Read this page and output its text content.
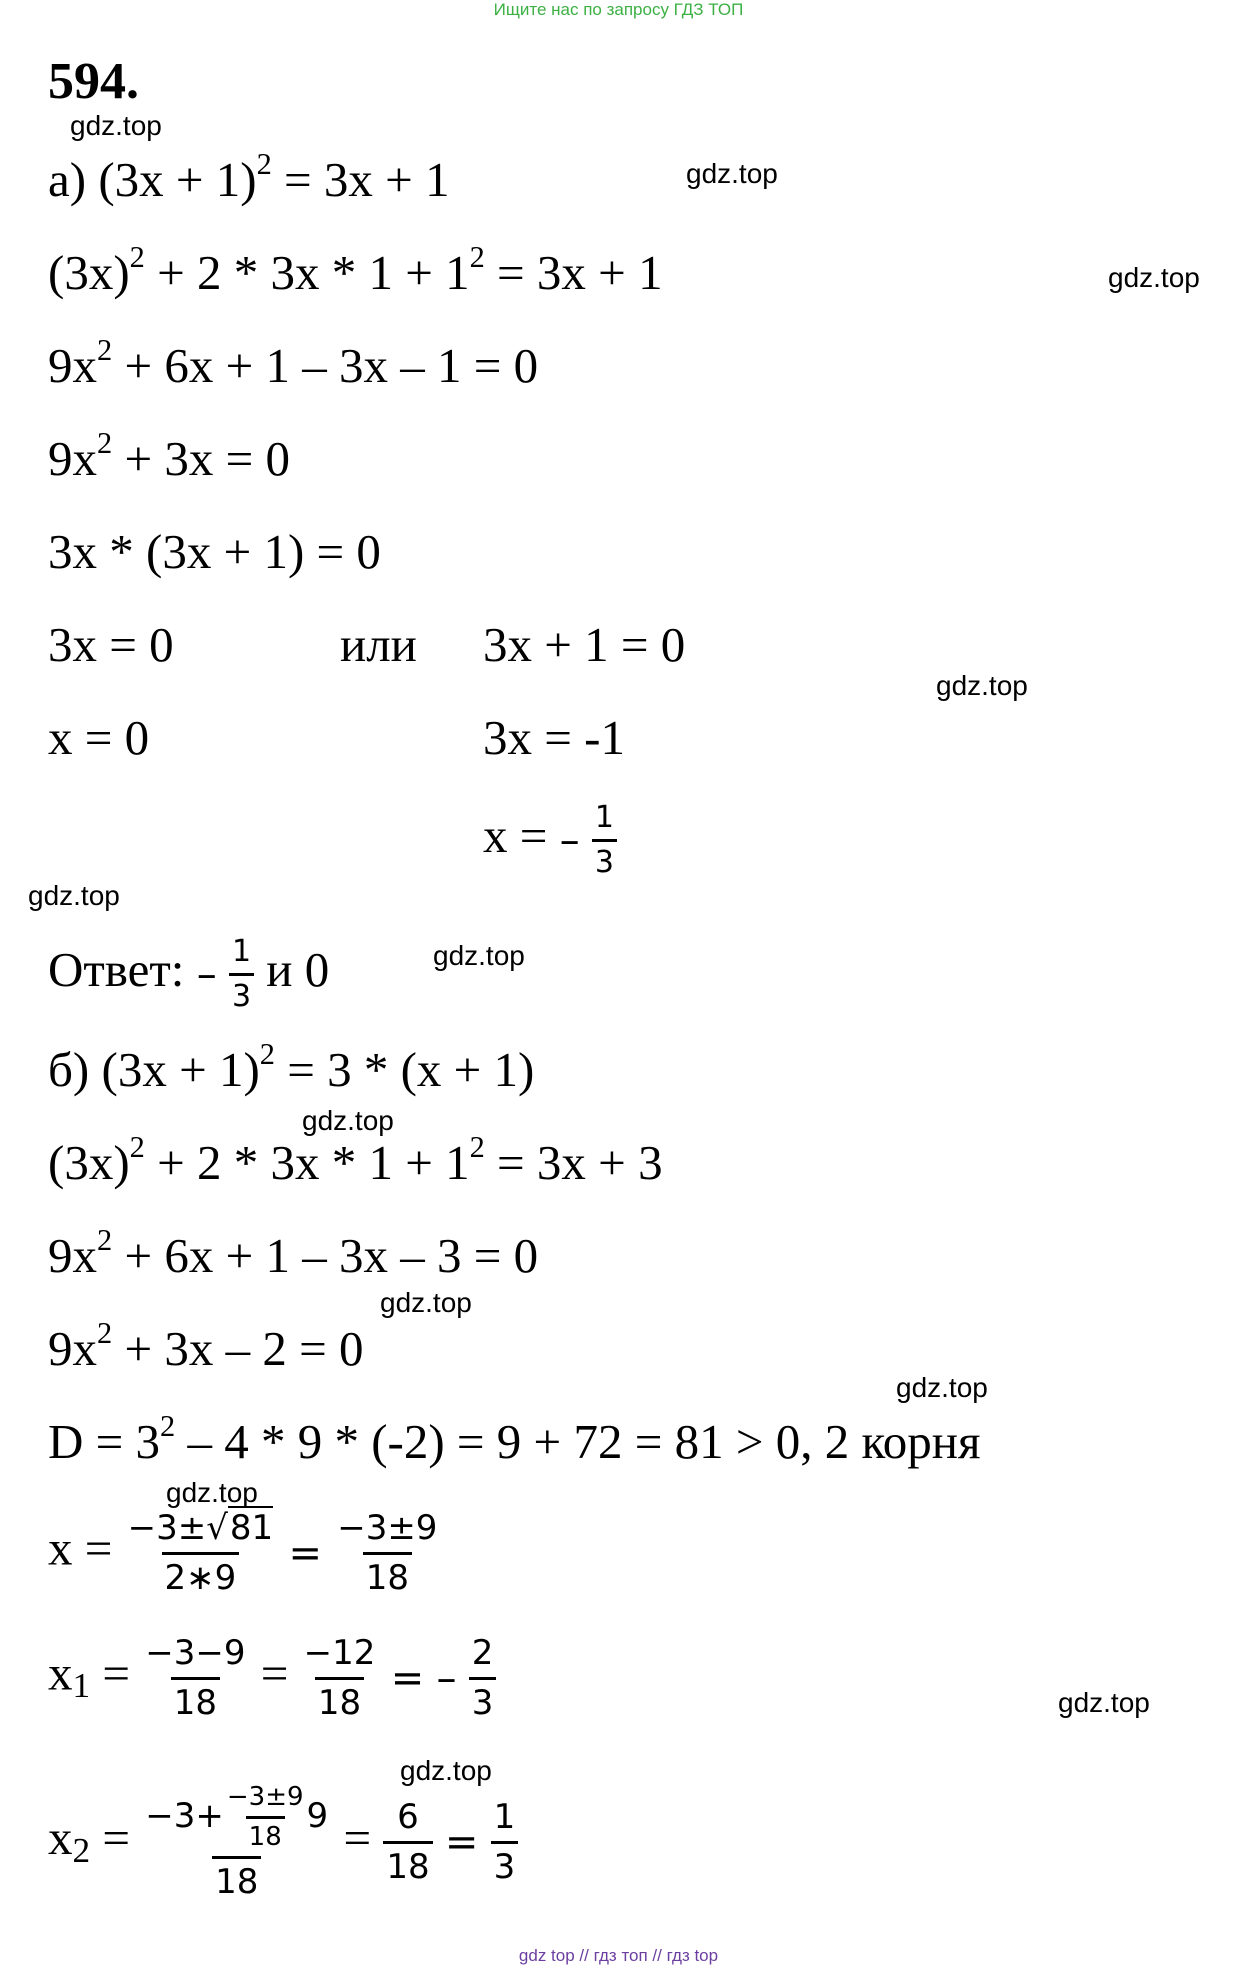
Ищите нас по запросу ГДЗ ТОП
gdz top // гдз топ // гдз top
594.
gdz.top
gdz.top
gdz.top
gdz.top
gdz.top
gdz.top
gdz.top
gdz.top
gdz.top
gdz.top
gdz.top
gdz.top
а) $(3x + 1)^2 = 3x + 1$
$(3x)^2 + 2 * 3x * 1 + 1^2 = 3x + 1$
$9x^2 + 6x + 1 - 3x - 1 = 0$
$9x^2 + 3x = 0$
3x * (3x + 1) = 0
3x = 0	или 3x + 1 = 0
x = 0	3x = -1
x = – $\frac{1}{3}$
Ответ: – $\frac{1}{3}$ и 0
б) $(3x + 1)^2 = 3 * (x + 1)$
$(3x)^2 + 2 * 3x * 1 + 1^2 = 3x + 3$
$9x^2 + 6x + 1 - 3x - 3 = 0$
$9x^2 + 3x - 2 = 0$
$D = 3^2 - 4 * 9 * (-2) = 9 + 72 = 81 > 0$, 2 корня
$x = \frac{-3\pm√81}{2∗9} = \frac{-3\pm 9}{18}$
$x_1 = \frac{-3-9}{18} = \frac{-12}{18}$ = – $\frac{2}{3}$
$x_2 = \frac{-3+ \frac{-3\pm 9}{18} 9}{18} = \frac{6}{18} = \frac{1}{3}$
